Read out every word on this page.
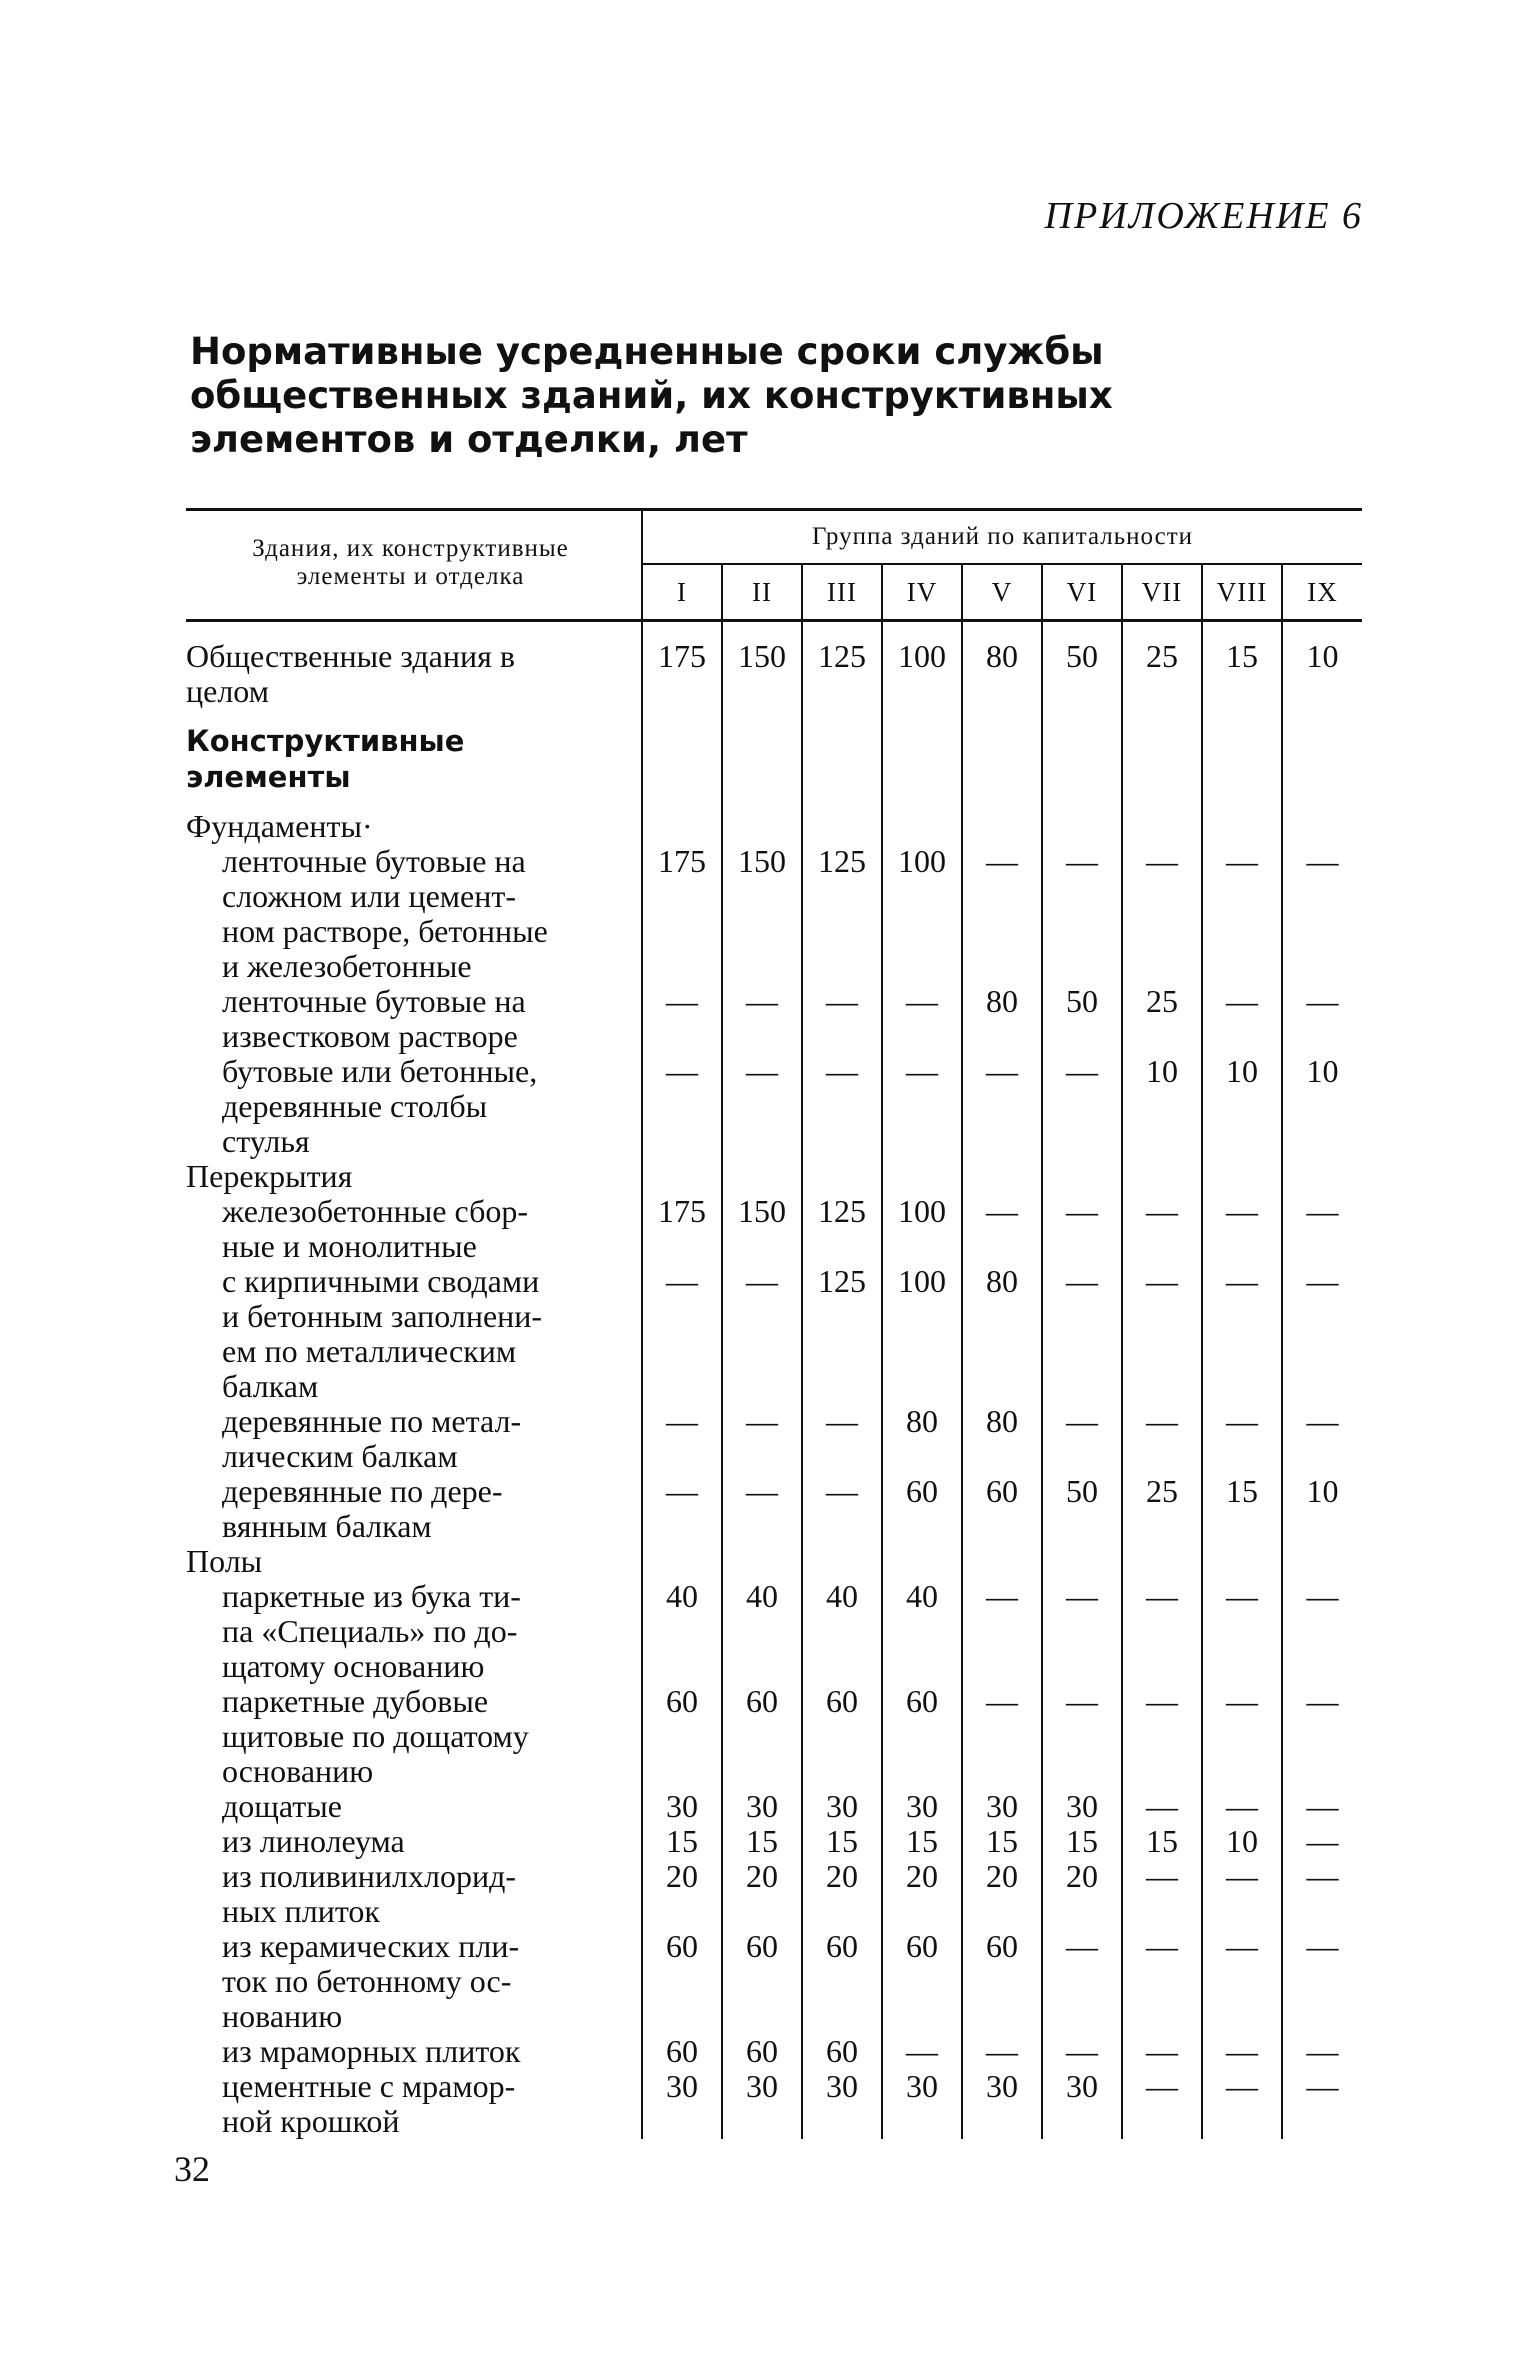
ПРИЛОЖЕНИЕ 6
Нормативные усредненные сроки службы
общественных зданий, их конструктивных
элементов и отделки, лет
Здания, их конструктивные
элементы и отделка	Группа зданий по капитальности								
	I	II	III	IV	V	VI	VII	VIII	IX

Общественные здания в
целом	175	150	125	100	80	50	25	15	10

Конструктивные
элементы									

Фундаменты·									

ленточные бутовые на
сложном или цемент-
ном растворе, бетонные
и железобетонные	175	150	125	100	—	—	—	—	—

ленточные бутовые на
известковом растворе	—	—	—	—	80	50	25	—	—

бутовые или бетонные,
деревянные столбы
стулья	—	—	—	—	—	—	10	10	10

Перекрытия									

железобетонные сбор-
ные и монолитные	175	150	125	100	—	—	—	—	—

с кирпичными сводами
и бетонным заполнени-
ем по металлическим
балкам	—	—	125	100	80	—	—	—	—

деревянные по метал-
лическим балкам	—	—	—	80	80	—	—	—	—

деревянные по дере-
вянным балкам	—	—	—	60	60	50	25	15	10

Полы									

паркетные из бука ти-
па «Специаль» по до-
щатому основанию	40	40	40	40	—	—	—	—	—

паркетные дубовые
щитовые по дощатому
основанию	60	60	60	60	—	—	—	—	—

дощатые	30	30	30	30	30	30	—	—	—

из линолеума	15	15	15	15	15	15	15	10	—

из поливинилхлорид-
ных плиток	20	20	20	20	20	20	—	—	—

из керамических пли-
ток по бетонному ос-
нованию	60	60	60	60	60	—	—	—	—

из мраморных плиток	60	60	60	—	—	—	—	—	—

цементные с мрамор-
ной крошкой	30	30	30	30	30	30	—	—	—
32
